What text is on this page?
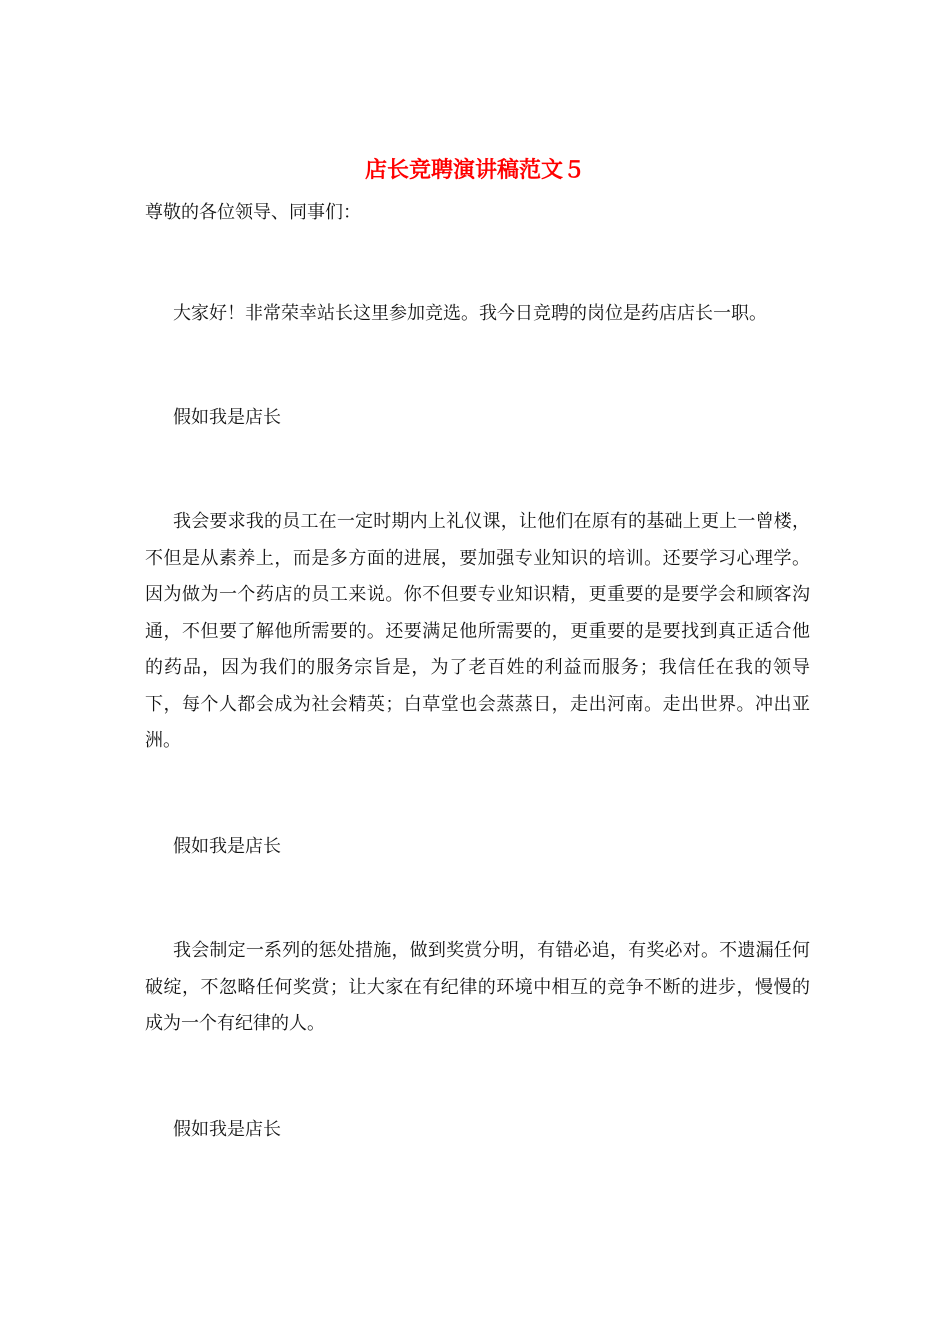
店长竞聘演讲稿范文５

尊敬的各位领导、同事们：

大家好！非常荣幸站长这里参加竞选。我今日竞聘的岗位是药店店长一职。

假如我是店长

我会要求我的员工在一定时期内上礼仪课，让他们在原有的基础上更上一曾楼，不但是从素养上，而是多方面的进展，要加强专业知识的培训。还要学习心理学。因为做为一个药店的员工来说。你不但要专业知识精，更重要的是要学会和顾客沟通，不但要了解他所需要的。还要满足他所需要的，更重要的是要找到真正适合他的药品，因为我们的服务宗旨是，为了老百姓的利益而服务；我信任在我的领导下，每个人都会成为社会精英；白草堂也会蒸蒸日，走出河南。走出世界。冲出亚洲。

假如我是店长

我会制定一系列的惩处措施，做到奖赏分明，有错必追，有奖必对。不遗漏任何破绽，不忽略任何奖赏；让大家在有纪律的环境中相互的竞争不断的进步，慢慢的成为一个有纪律的人。

假如我是店长
